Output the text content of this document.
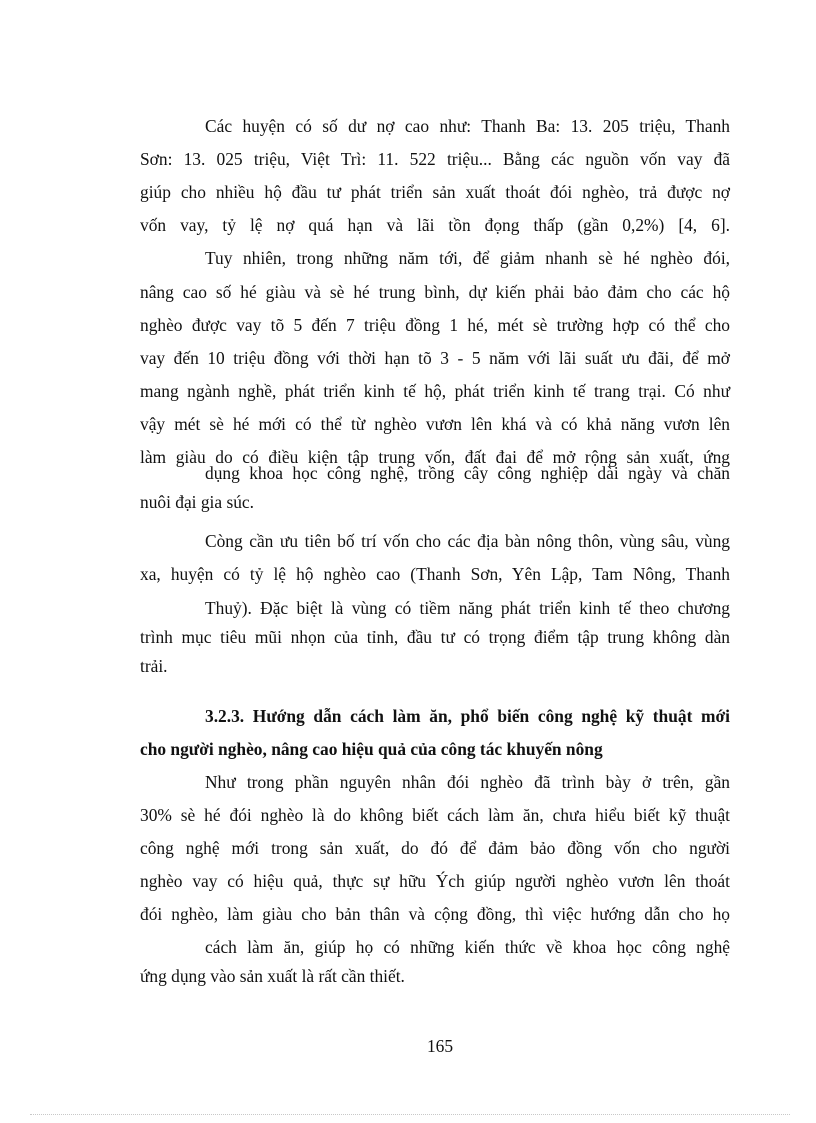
Các huyện có số dư nợ cao như: Thanh Ba: 13. 205 triệu, Thanh

Sơn: 13. 025 triệu, Việt Trì: 11. 522 triệu... Bằng các nguồn vốn vay đã

giúp cho nhiều hộ đầu tư phát triển sản xuất thoát đói nghèo, trả được nợ

vốn vay, tỷ lệ nợ quá hạn và lãi tồn đọng thấp (gần 0,2%) [4, 6].

Tuy nhiên, trong những năm tới, để giảm nhanh sè hé nghèo đói,

nâng cao số hé giàu và sè hé trung bình, dự kiến phải bảo đảm cho các hộ

nghèo được vay tõ 5 đến 7 triệu đồng 1 hé, mét sè trường hợp có thể cho

vay đến 10 triệu đồng với thời hạn tõ 3 - 5 năm với lãi suất ưu đãi, để mở

mang ngành nghề, phát triển kinh tế hộ, phát triển kinh tế trang trại. Có như

vậy mét sè hé mới có thể từ nghèo vươn lên khá và có khả năng vươn lên

làm giàu do có điều kiện tập trung vốn, đất đai để mở rộng sản xuất, ứng

dụng khoa học công nghệ, trồng cây công nghiệp dài ngày và chăn

nuôi đại gia súc.

Còng cần ưu tiên bố trí vốn cho các địa bàn nông thôn, vùng sâu, vùng

xa, huyện có tỷ lệ hộ nghèo cao (Thanh Sơn, Yên Lập, Tam Nông, Thanh

Thuỷ). Đặc biệt là vùng có tiềm năng phát triển kinh tế theo chương

trình mục tiêu mũi nhọn của tỉnh, đầu tư có trọng điểm tập trung không dàn

trải.

3.2.3. Hướng dẫn cách làm ăn, phổ biến công nghệ kỹ thuật mới

cho người nghèo, nâng cao hiệu quả của công tác khuyến nông

Như trong phần nguyên nhân đói nghèo đã trình bày ở trên, gần

30% sè hé đói nghèo là do không biết cách làm ăn, chưa hiểu biết kỹ thuật

công nghệ mới trong sản xuất, do đó để đảm bảo đồng vốn cho người

nghèo vay có hiệu quả, thực sự hữu Ých giúp người nghèo vươn lên thoát

đói nghèo, làm giàu cho bản thân và cộng đồng, thì việc hướng dẫn cho họ

cách làm ăn, giúp họ có những kiến thức về khoa học công nghệ

ứng dụng vào sản xuất là rất cần thiết.

165
